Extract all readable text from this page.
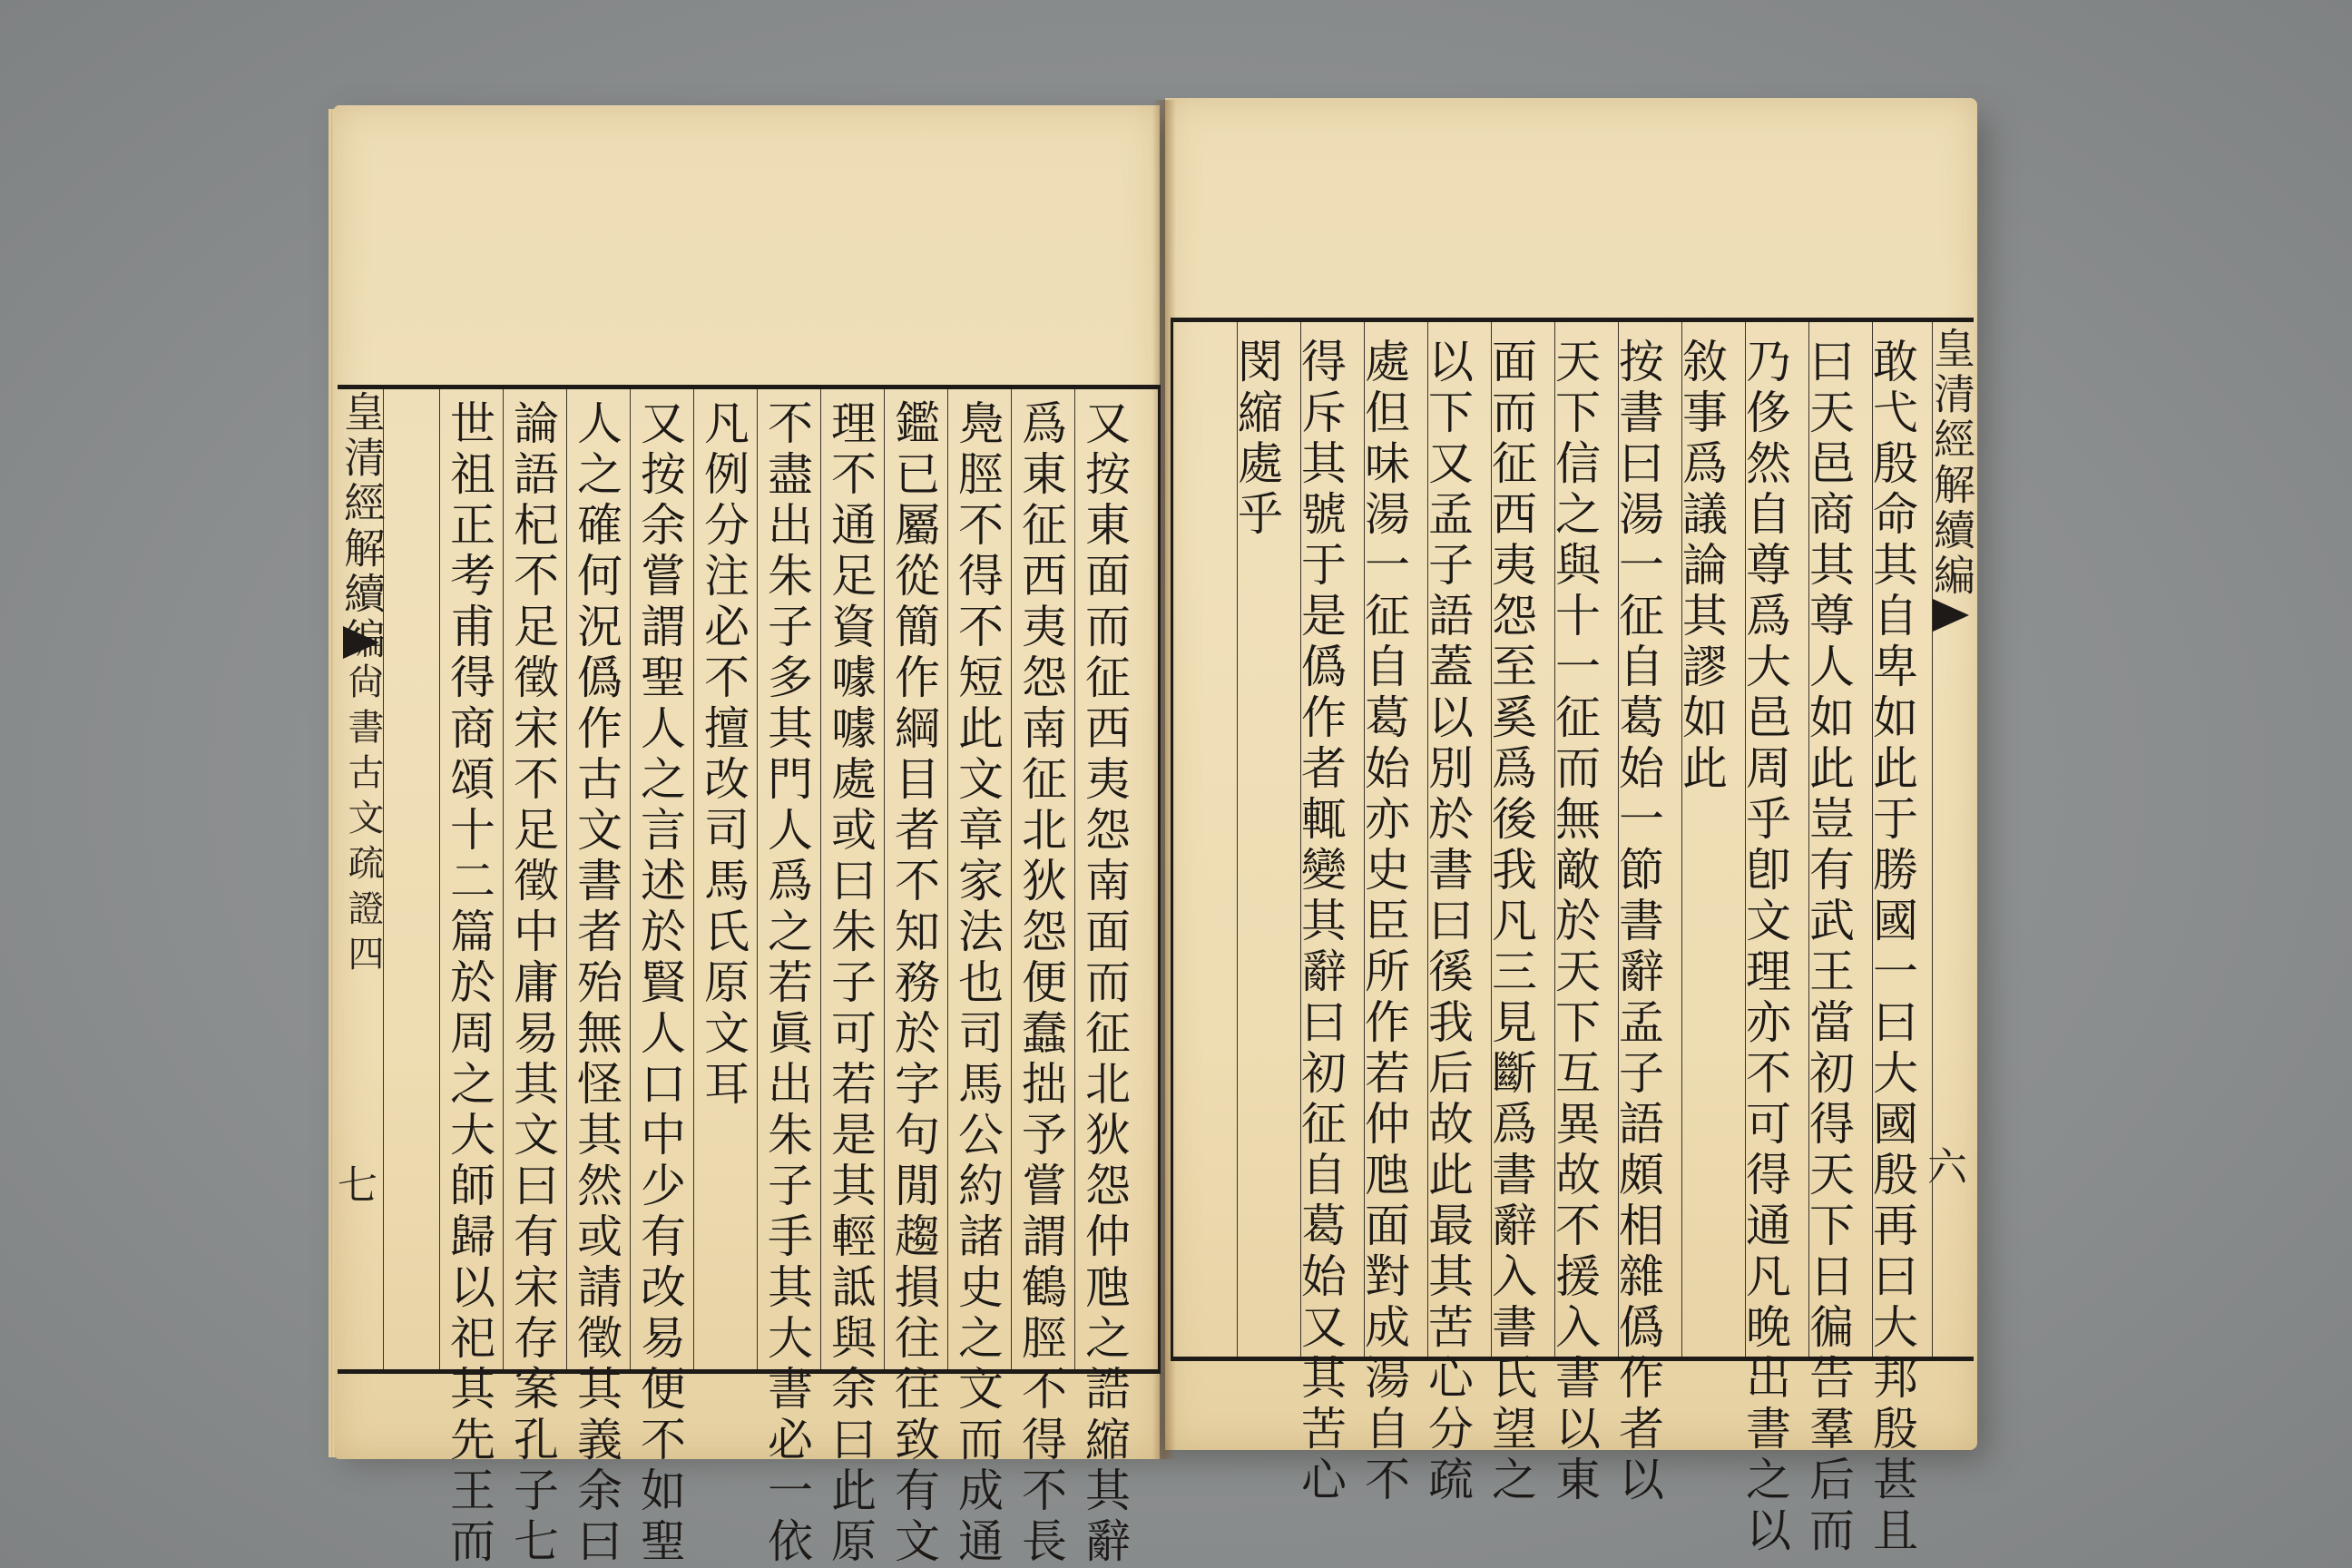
皇清經解續編
尙書古文疏證四
七	又按東面而征西夷怨南面而征北狄怨仲虺之誥縮其辭
爲東征西夷怨南征北狄怨便蠢拙予嘗謂鶴脛不得不長
鳧脛不得不短此文章家法也司馬公約諸史之文而成通
鑑已屬從簡作綱目者不知務於字句閒趨損往往致有文
理不通足資噱噱處或曰朱子可若是其輕詆與余曰此原
不盡出朱子多其門人爲之若眞出朱子手其大書必一依
凡例分注必不擅改司馬氏原文耳
又按余嘗謂聖人之言述於賢人口中少有改易便不如聖
人之確何況僞作古文書者殆無怪其然或請徵其義余曰
論語杞不足徵宋不足徵中庸易其文曰有宋存案孔子七
世祖正考甫得商頌十二篇於周之大師歸以祀其先王而	皇清經解續編
六
敢弋殷命其自卑如此于勝國一曰大國殷再曰大邦殷甚且
曰天邑商其尊人如此豈有武王當初得天下日徧告羣后而
乃侈然自尊爲大邑周乎卽文理亦不可得通凡晚出書之以
敘事爲議論其謬如此
按書曰湯一征自葛始一節書辭孟子語頗相雜僞作者以
天下信之與十一征而無敵於天下互異故不援入書以東
面而征西夷怨至奚爲後我凡三見斷爲書辭入書氏望之
以下又孟子語蓋以別於書曰徯我后故此最其苦心分疏
處但味湯一征自葛始亦史臣所作若仲虺面對成湯自不
得斥其號于是僞作者輒變其辭曰初征自葛始又其苦心
閔縮處乎
